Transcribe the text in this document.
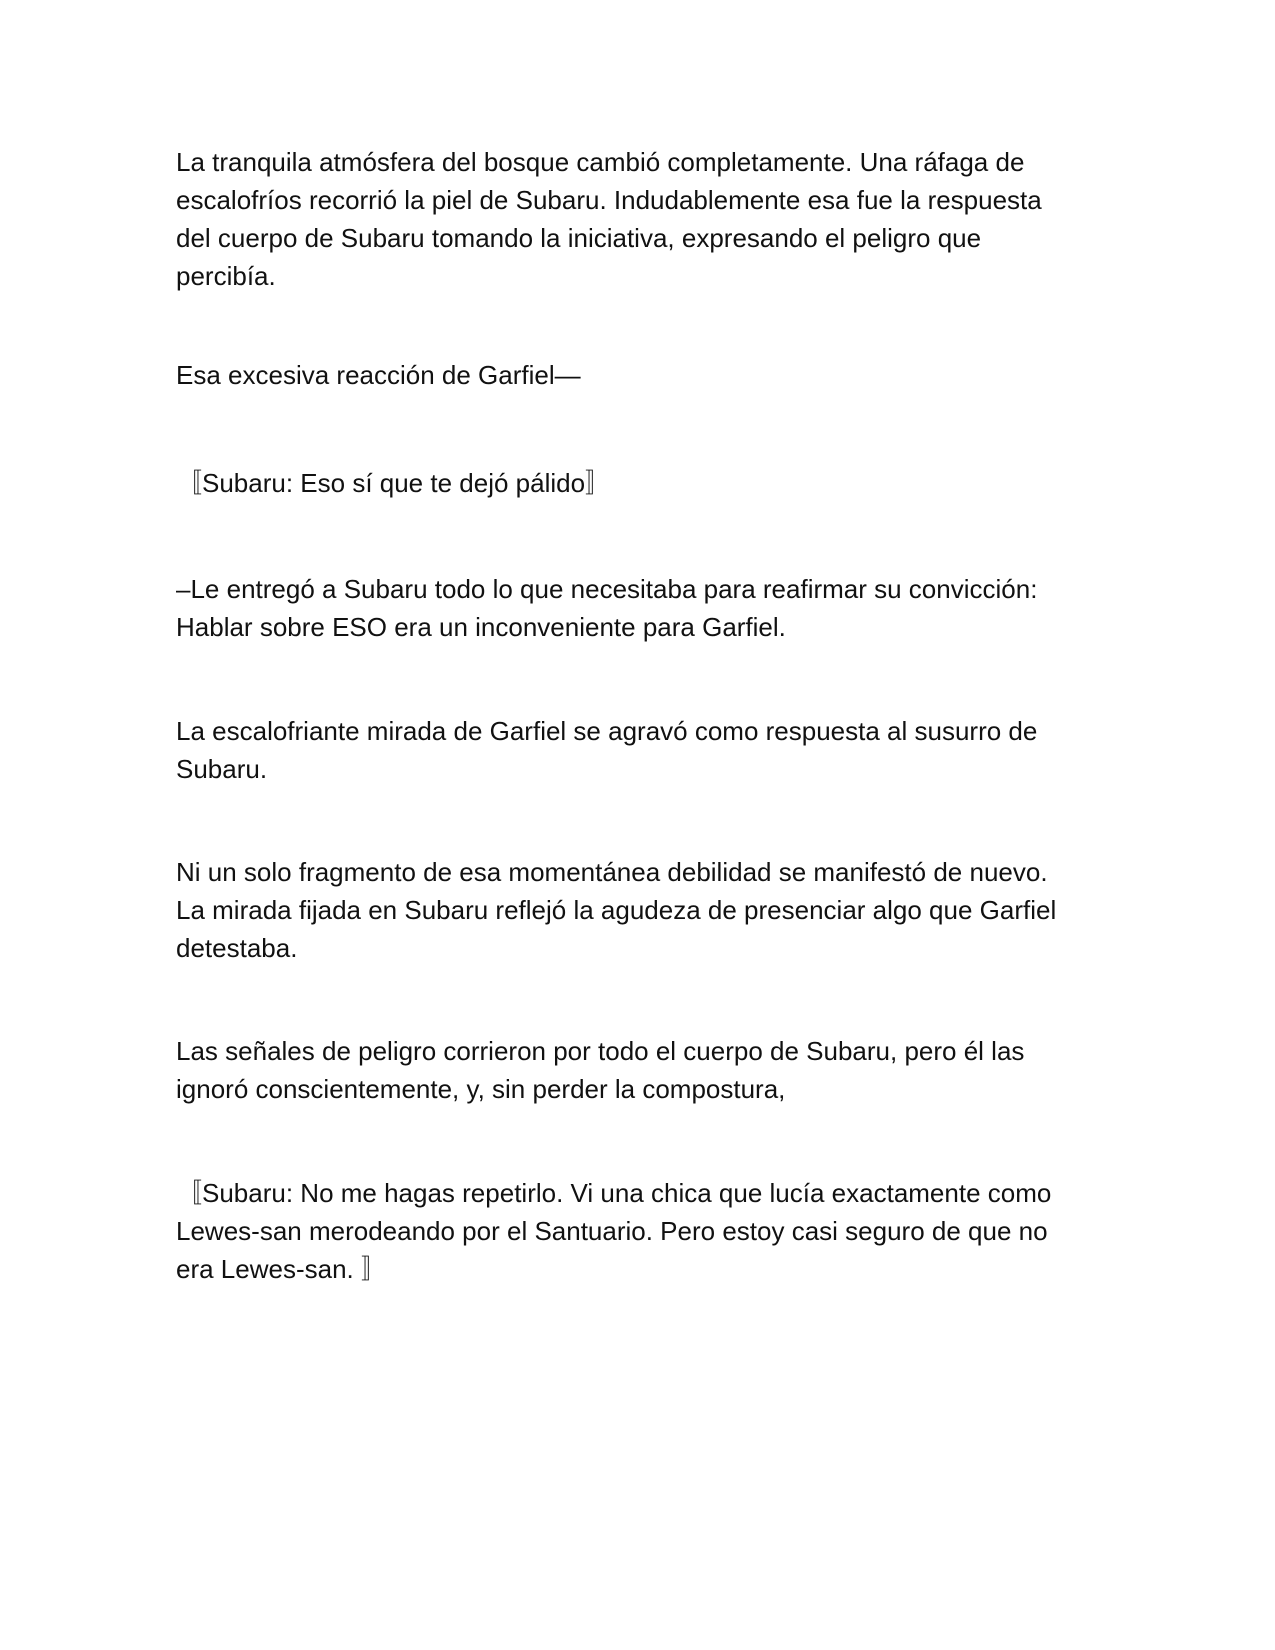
La tranquila atmósfera del bosque cambió completamente. Una ráfaga de
escalofríos recorrió la piel de Subaru. Indudablemente esa fue la respuesta
del cuerpo de Subaru tomando la iniciativa, expresando el peligro que
percibía.

Esa excesiva reacción de Garfiel—

〚Subaru: Eso sí que te dejó pálido〛

–Le entregó a Subaru todo lo que necesitaba para reafirmar su convicción:
Hablar sobre ESO era un inconveniente para Garfiel.

La escalofriante mirada de Garfiel se agravó como respuesta al susurro de
Subaru.

Ni un solo fragmento de esa momentánea debilidad se manifestó de nuevo.
La mirada fijada en Subaru reflejó la agudeza de presenciar algo que Garfiel
detestaba.

Las señales de peligro corrieron por todo el cuerpo de Subaru, pero él las
ignoró conscientemente, y, sin perder la compostura,

〚Subaru: No me hagas repetirlo. Vi una chica que lucía exactamente como
Lewes-san merodeando por el Santuario. Pero estoy casi seguro de que no
era Lewes-san. 〛
